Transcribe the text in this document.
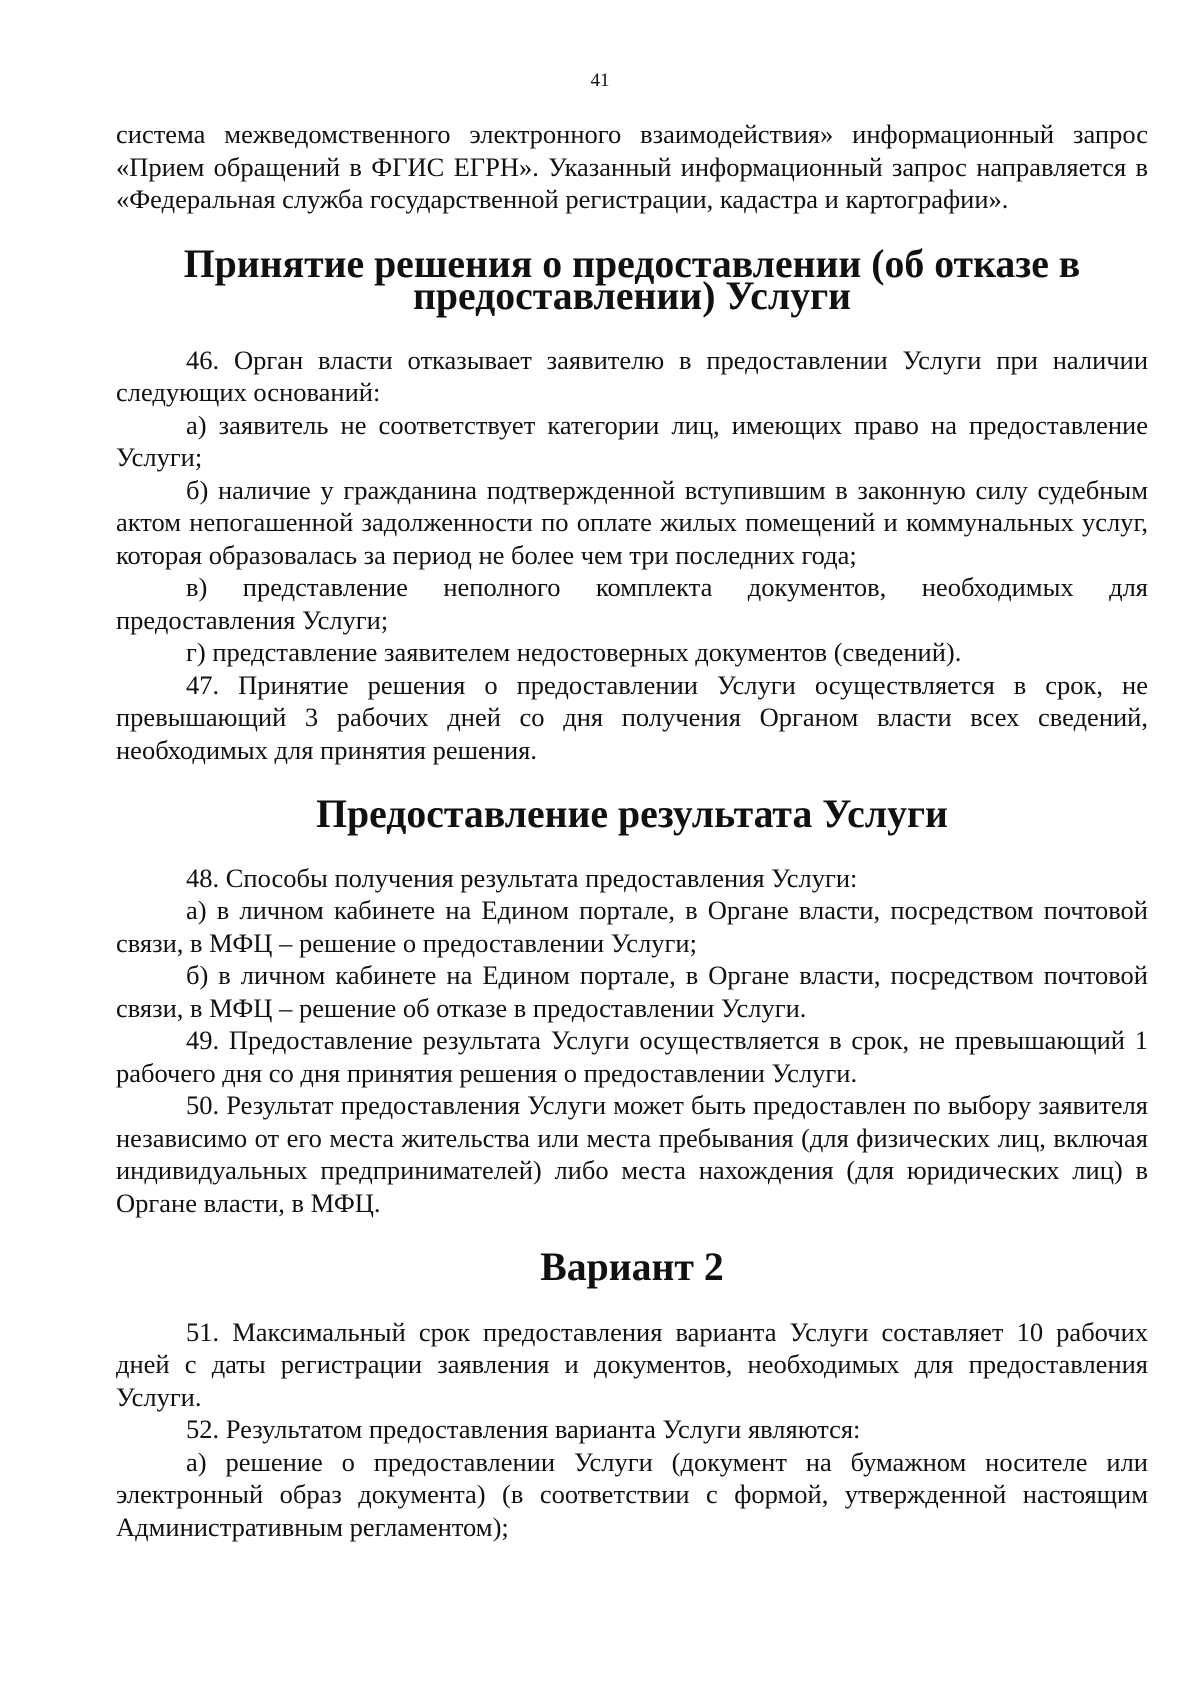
41

система межведомственного электронного взаимодействия» информационный запрос «Прием обращений в ФГИС ЕГРН». Указанный информационный запрос направляется в «Федеральная служба государственной регистрации, кадастра и картографии».

Принятие решения о предоставлении (об отказе в предоставлении) Услуги

46. Орган власти отказывает заявителю в предоставлении Услуги при наличии следующих оснований:

а) заявитель не соответствует категории лиц, имеющих право на предоставление Услуги;

б) наличие у гражданина подтвержденной вступившим в законную силу судебным актом непогашенной задолженности по оплате жилых помещений и коммунальных услуг, которая образовалась за период не более чем три последних года;

в) представление неполного комплекта документов, необходимых для предоставления Услуги;

г) представление заявителем недостоверных документов (сведений).

47. Принятие решения о предоставлении Услуги осуществляется в срок, не превышающий 3 рабочих дней со дня получения Органом власти всех сведений, необходимых для принятия решения.

Предоставление результата Услуги

48. Способы получения результата предоставления Услуги:

а) в личном кабинете на Едином портале, в Органе власти, посредством почтовой связи, в МФЦ – решение о предоставлении Услуги;

б) в личном кабинете на Едином портале, в Органе власти, посредством почтовой связи, в МФЦ – решение об отказе в предоставлении Услуги.

49. Предоставление результата Услуги осуществляется в срок, не превышающий 1 рабочего дня со дня принятия решения о предоставлении Услуги.

50. Результат предоставления Услуги может быть предоставлен по выбору заявителя независимо от его места жительства или места пребывания (для физических лиц, включая индивидуальных предпринимателей) либо места нахождения (для юридических лиц) в Органе власти, в МФЦ.

Вариант 2

51. Максимальный срок предоставления варианта Услуги составляет 10 рабочих дней с даты регистрации заявления и документов, необходимых для предоставления Услуги.

52. Результатом предоставления варианта Услуги являются:

а) решение о предоставлении Услуги (документ на бумажном носителе или электронный образ документа) (в соответствии с формой, утвержденной настоящим Административным регламентом);
